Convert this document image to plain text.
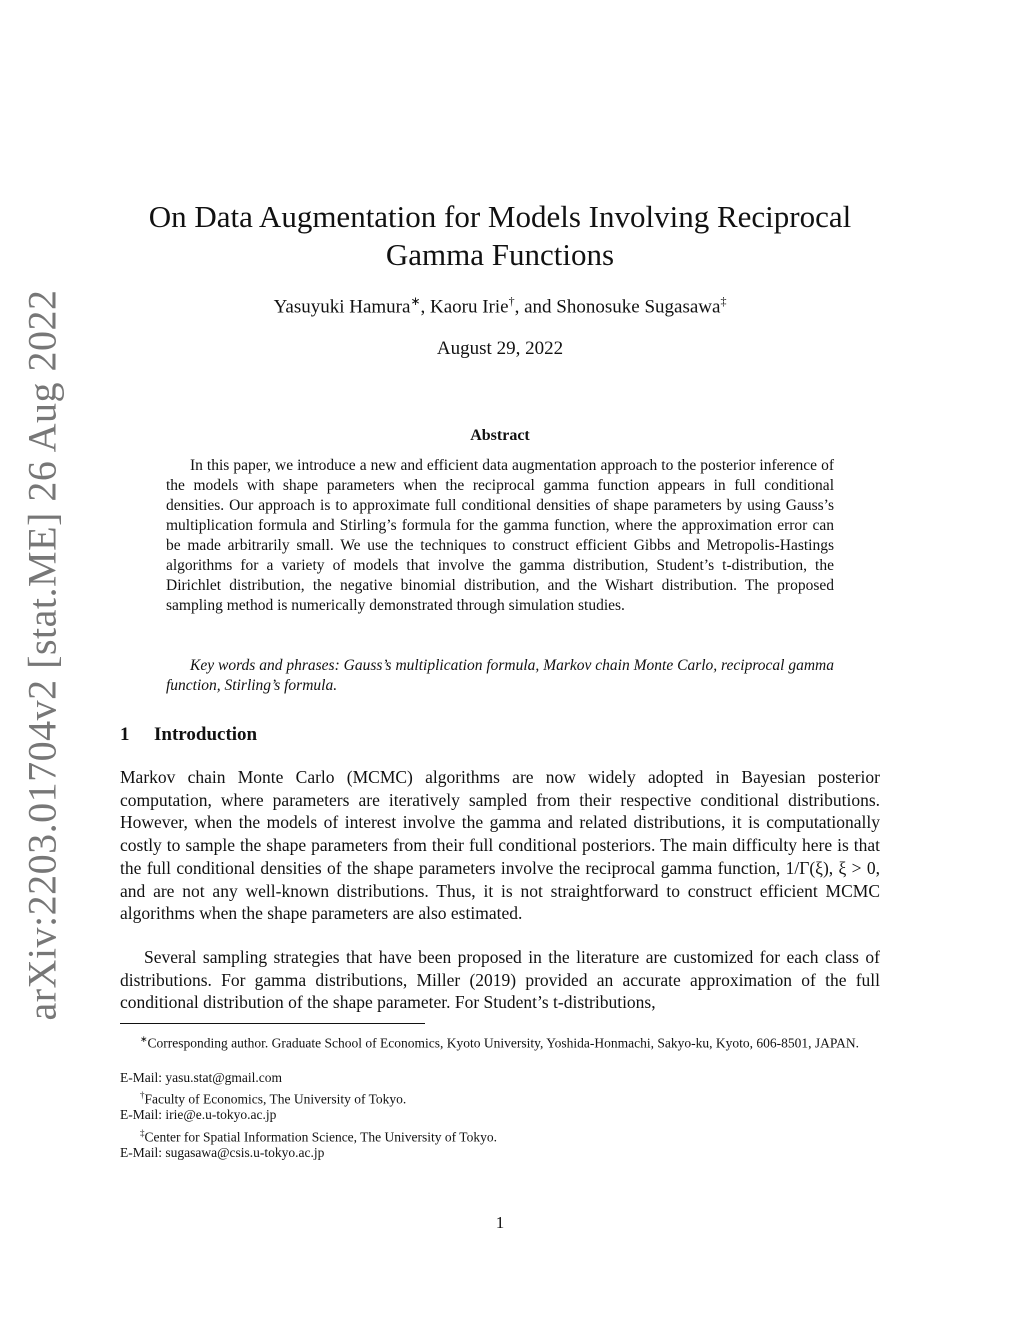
arXiv:2203.01704v2 [stat.ME] 26 Aug 2022
On Data Augmentation for Models Involving Reciprocal Gamma Functions
Yasuyuki Hamura∗, Kaoru Irie†, and Shonosuke Sugasawa‡
August 29, 2022
Abstract

In this paper, we introduce a new and efficient data augmentation approach to the posterior inference of the models with shape parameters when the reciprocal gamma function appears in full conditional densities. Our approach is to approximate full conditional densities of shape parameters by using Gauss’s multiplication formula and Stirling’s formula for the gamma function, where the approximation error can be made arbitrarily small. We use the techniques to construct efficient Gibbs and Metropolis-Hastings algorithms for a variety of models that involve the gamma distribution, Student’s t-distribution, the Dirichlet distribution, the negative binomial distribution, and the Wishart distribution. The proposed sampling method is numerically demonstrated through simulation studies.

Key words and phrases: Gauss’s multiplication formula, Markov chain Monte Carlo, reciprocal gamma function, Stirling’s formula.

1 Introduction

Markov chain Monte Carlo (MCMC) algorithms are now widely adopted in Bayesian posterior computation, where parameters are iteratively sampled from their respective conditional distributions. However, when the models of interest involve the gamma and related distributions, it is computationally costly to sample the shape parameters from their full conditional posteriors. The main difficulty here is that the full conditional densities of the shape parameters involve the reciprocal gamma function, 1/Γ(ξ), ξ > 0, and are not any well-known distributions. Thus, it is not straightforward to construct efficient MCMC algorithms when the shape parameters are also estimated.

Several sampling strategies that have been proposed in the literature are customized for each class of distributions. For gamma distributions, Miller (2019) provided an accurate approximation of the full conditional distribution of the shape parameter. For Student’s t-distributions,

∗Corresponding author. Graduate School of Economics, Kyoto University, Yoshida-Honmachi, Sakyo-ku, Kyoto, 606-8501, JAPAN.

E-Mail: yasu.stat@gmail.com

†Faculty of Economics, The University of Tokyo.

E-Mail: irie@e.u-tokyo.ac.jp

‡Center for Spatial Information Science, The University of Tokyo.

E-Mail: sugasawa@csis.u-tokyo.ac.jp

1
